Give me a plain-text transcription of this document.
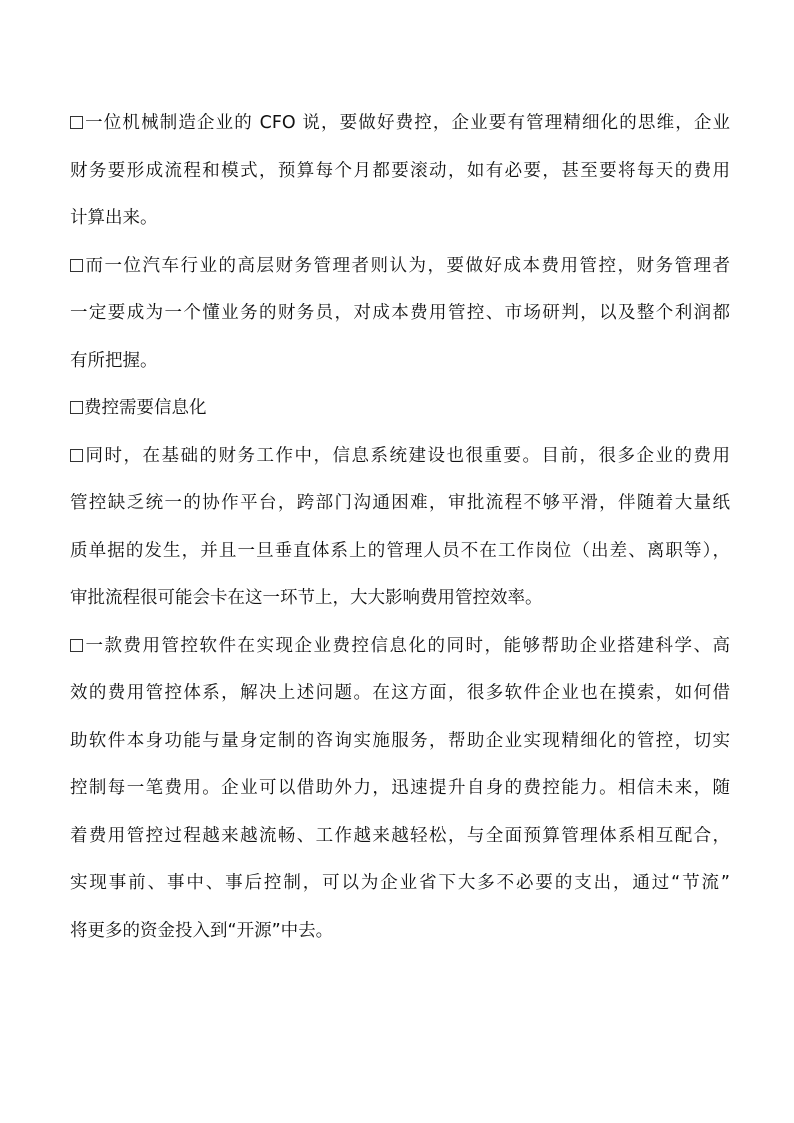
一位机械制造企业的 CFO 说，要做好费控，企业要有管理精细化的思维，企业
财务要形成流程和模式，预算每个月都要滚动，如有必要，甚至要将每天的费用
计算出来。
而一位汽车行业的高层财务管理者则认为，要做好成本费用管控，财务管理者
一定要成为一个懂业务的财务员，对成本费用管控、市场研判，以及整个利润都
有所把握。
费控需要信息化
同时，在基础的财务工作中，信息系统建设也很重要。目前，很多企业的费用
管控缺乏统一的协作平台，跨部门沟通困难，审批流程不够平滑，伴随着大量纸
质单据的发生，并且一旦垂直体系上的管理人员不在工作岗位（出差、离职等），
审批流程很可能会卡在这一环节上，大大影响费用管控效率。
一款费用管控软件在实现企业费控信息化的同时，能够帮助企业搭建科学、高
效的费用管控体系，解决上述问题。在这方面，很多软件企业也在摸索，如何借
助软件本身功能与量身定制的咨询实施服务，帮助企业实现精细化的管控，切实
控制每一笔费用。企业可以借助外力，迅速提升自身的费控能力。相信未来，随
着费用管控过程越来越流畅、工作越来越轻松，与全面预算管理体系相互配合，
实现事前、事中、事后控制，可以为企业省下大多不必要的支出，通过“节流”
将更多的资金投入到“开源”中去。
